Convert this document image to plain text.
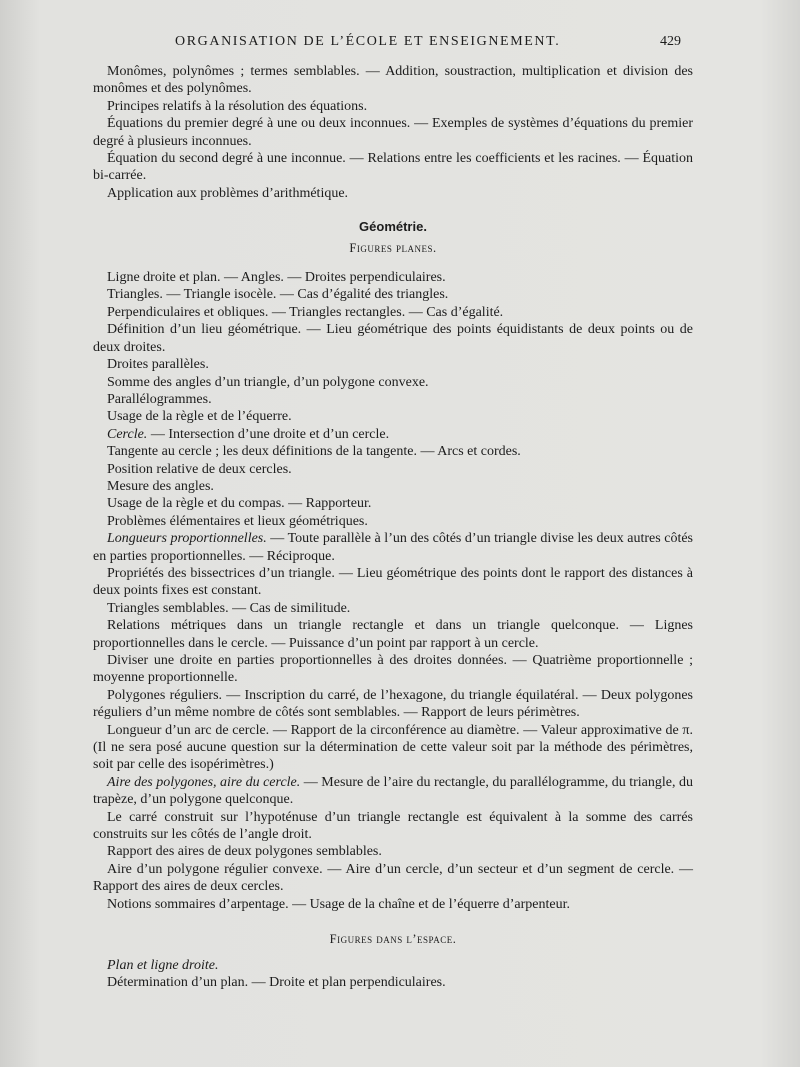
ORGANISATION DE L’ÉCOLE ET ENSEIGNEMENT.	429

Monômes, polynômes ; termes semblables. — Addition, soustraction, multiplication et division des monômes et des polynômes.

Principes relatifs à la résolution des équations.

Équations du premier degré à une ou deux inconnues. — Exemples de systèmes d’équations du premier degré à plusieurs inconnues.

Équation du second degré à une inconnue. — Relations entre les coefficients et les racines. — Équation bi-carrée.

Application aux problèmes d’arithmétique.

Géométrie.
Figures planes.

Ligne droite et plan. — Angles. — Droites perpendiculaires.

Triangles. — Triangle isocèle. — Cas d’égalité des triangles.

Perpendiculaires et obliques. — Triangles rectangles. — Cas d’égalité.

Définition d’un lieu géométrique. — Lieu géométrique des points équidistants de deux points ou de deux droites.

Droites parallèles.

Somme des angles d’un triangle, d’un polygone convexe.

Parallélogrammes.

Usage de la règle et de l’équerre.

Cercle. — Intersection d’une droite et d’un cercle.

Tangente au cercle ; les deux définitions de la tangente. — Arcs et cordes.

Position relative de deux cercles.

Mesure des angles.

Usage de la règle et du compas. — Rapporteur.

Problèmes élémentaires et lieux géométriques.

Longueurs proportionnelles. — Toute parallèle à l’un des côtés d’un triangle divise les deux autres côtés en parties proportionnelles. — Réciproque.

Propriétés des bissectrices d’un triangle. — Lieu géométrique des points dont le rapport des distances à deux points fixes est constant.

Triangles semblables. — Cas de similitude.

Relations métriques dans un triangle rectangle et dans un triangle quelconque. — Lignes proportionnelles dans le cercle. — Puissance d’un point par rapport à un cercle.

Diviser une droite en parties proportionnelles à des droites données. — Quatrième proportionnelle ; moyenne proportionnelle.

Polygones réguliers. — Inscription du carré, de l’hexagone, du triangle équilatéral. — Deux polygones réguliers d’un même nombre de côtés sont semblables. — Rapport de leurs périmètres.

Longueur d’un arc de cercle. — Rapport de la circonférence au diamètre. — Valeur approximative de π. (Il ne sera posé aucune question sur la détermination de cette valeur soit par la méthode des périmètres, soit par celle des isopérimètres.)

Aire des polygones, aire du cercle. — Mesure de l’aire du rectangle, du parallélogramme, du triangle, du trapèze, d’un polygone quelconque.

Le carré construit sur l’hypoténuse d’un triangle rectangle est équivalent à la somme des carrés construits sur les côtés de l’angle droit.

Rapport des aires de deux polygones semblables.

Aire d’un polygone régulier convexe. — Aire d’un cercle, d’un secteur et d’un segment de cercle. — Rapport des aires de deux cercles.

Notions sommaires d’arpentage. — Usage de la chaîne et de l’équerre d’arpenteur.

Figures dans l’espace.

Plan et ligne droite.

Détermination d’un plan. — Droite et plan perpendiculaires.
